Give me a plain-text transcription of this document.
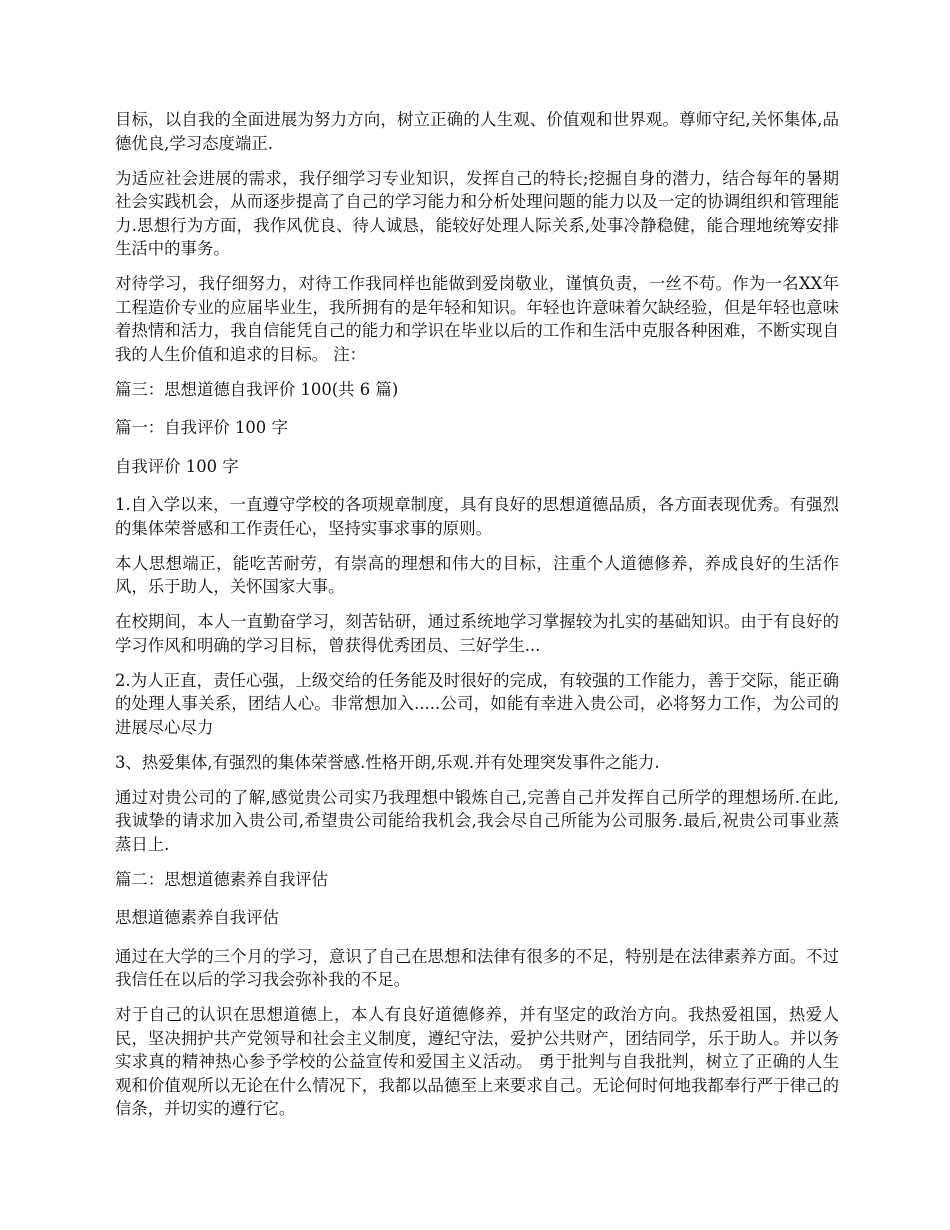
目标，以自我的全面进展为努力方向，树立正确的人生观、价值观和世界观。尊师守纪,关怀集体,品德优良,学习态度端正.

为适应社会进展的需求，我仔细学习专业知识，发挥自己的特长;挖掘自身的潜力，结合每年的暑期社会实践机会，从而逐步提高了自己的学习能力和分析处理问题的能力以及一定的协调组织和管理能力.思想行为方面，我作风优良、待人诚恳，能较好处理人际关系,处事冷静稳健，能合理地统筹安排生活中的事务。

对待学习，我仔细努力，对待工作我同样也能做到爱岗敬业，谨慎负责，一丝不苟。作为一名XX年工程造价专业的应届毕业生，我所拥有的是年轻和知识。年轻也许意味着欠缺经验，但是年轻也意味着热情和活力，我自信能凭自己的能力和学识在毕业以后的工作和生活中克服各种困难，不断实现自我的人生价值和追求的目标。 注：

篇三：思想道德自我评价 100(共 6 篇)

篇一：自我评价 100 字

自我评价 100 字

1.自入学以来，一直遵守学校的各项规章制度，具有良好的思想道德品质，各方面表现优秀。有强烈的集体荣誉感和工作责任心，坚持实事求事的原则。

本人思想端正，能吃苦耐劳，有崇高的理想和伟大的目标，注重个人道德修养，养成良好的生活作风，乐于助人，关怀国家大事。

在校期间，本人一直勤奋学习，刻苦钻研，通过系统地学习掌握较为扎实的基础知识。由于有良好的学习作风和明确的学习目标，曾获得优秀团员、三好学生...

2.为人正直，责任心强，上级交给的任务能及时很好的完成，有较强的工作能力，善于交际，能正确的处理人事关系，团结人心。非常想加入.....公司，如能有幸进入贵公司，必将努力工作，为公司的进展尽心尽力

3、热爱集体,有强烈的集体荣誉感.性格开朗,乐观.并有处理突发事件之能力.

通过对贵公司的了解,感觉贵公司实乃我理想中锻炼自己,完善自己并发挥自己所学的理想场所.在此,我诚挚的请求加入贵公司,希望贵公司能给我机会,我会尽自己所能为公司服务.最后,祝贵公司事业蒸蒸日上.

篇二：思想道德素养自我评估

思想道德素养自我评估

通过在大学的三个月的学习，意识了自己在思想和法律有很多的不足，特别是在法律素养方面。不过我信任在以后的学习我会弥补我的不足。

对于自己的认识在思想道德上，本人有良好道德修养，并有坚定的政治方向。我热爱祖国，热爱人民，坚决拥护共产党领导和社会主义制度，遵纪守法，爱护公共财产，团结同学，乐于助人。并以务实求真的精神热心参予学校的公益宣传和爱国主义活动。 勇于批判与自我批判，树立了正确的人生观和价值观所以无论在什么情况下，我都以品德至上来要求自己。无论何时何地我都奉行严于律己的信条，并切实的遵行它。
